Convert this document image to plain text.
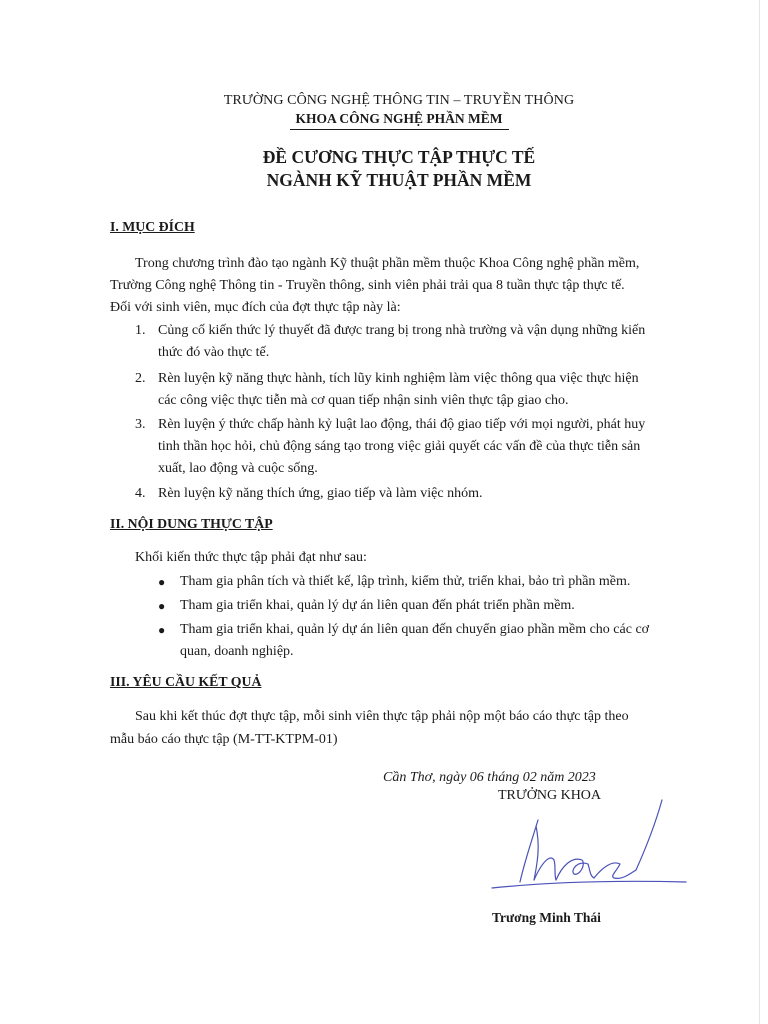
TRƯỜNG CÔNG NGHỆ THÔNG TIN – TRUYỀN THÔNG
KHOA CÔNG NGHỆ PHẦN MỀM
ĐỀ CƯƠNG THỰC TẬP THỰC TẾ
NGÀNH KỸ THUẬT PHẦN MỀM
I. MỤC ĐÍCH
Trong chương trình đào tạo ngành Kỹ thuật phần mềm thuộc Khoa Công nghệ phần mềm,
Trường Công nghệ Thông tin - Truyền thông, sinh viên phải trải qua 8 tuần thực tập thực tế.
Đối với sinh viên, mục đích của đợt thực tập này là:
1. Củng cố kiến thức lý thuyết đã được trang bị trong nhà trường và vận dụng những kiến
thức đó vào thực tế.
2. Rèn luyện kỹ năng thực hành, tích lũy kinh nghiệm làm việc thông qua việc thực hiện
các công việc thực tiễn mà cơ quan tiếp nhận sinh viên thực tập giao cho.
3. Rèn luyện ý thức chấp hành kỷ luật lao động, thái độ giao tiếp với mọi người, phát huy
tinh thần học hỏi, chủ động sáng tạo trong việc giải quyết các vấn đề của thực tiễn sản
xuất, lao động và cuộc sống.
4. Rèn luyện kỹ năng thích ứng, giao tiếp và làm việc nhóm.
II. NỘI DUNG THỰC TẬP
Khối kiến thức thực tập phải đạt như sau:
● Tham gia phân tích và thiết kế, lập trình, kiểm thử, triển khai, bảo trì phần mềm.
● Tham gia triển khai, quản lý dự án liên quan đến phát triển phần mềm.
● Tham gia triển khai, quản lý dự án liên quan đến chuyển giao phần mềm cho các cơ
quan, doanh nghiệp.
III. YÊU CẦU KẾT QUẢ
Sau khi kết thúc đợt thực tập, mỗi sinh viên thực tập phải nộp một báo cáo thực tập theo
mẫu báo cáo thực tập (M-TT-KTPM-01)
Cần Thơ, ngày 06 tháng 02 năm 2023
TRƯỞNG KHOA
Trương Minh Thái
